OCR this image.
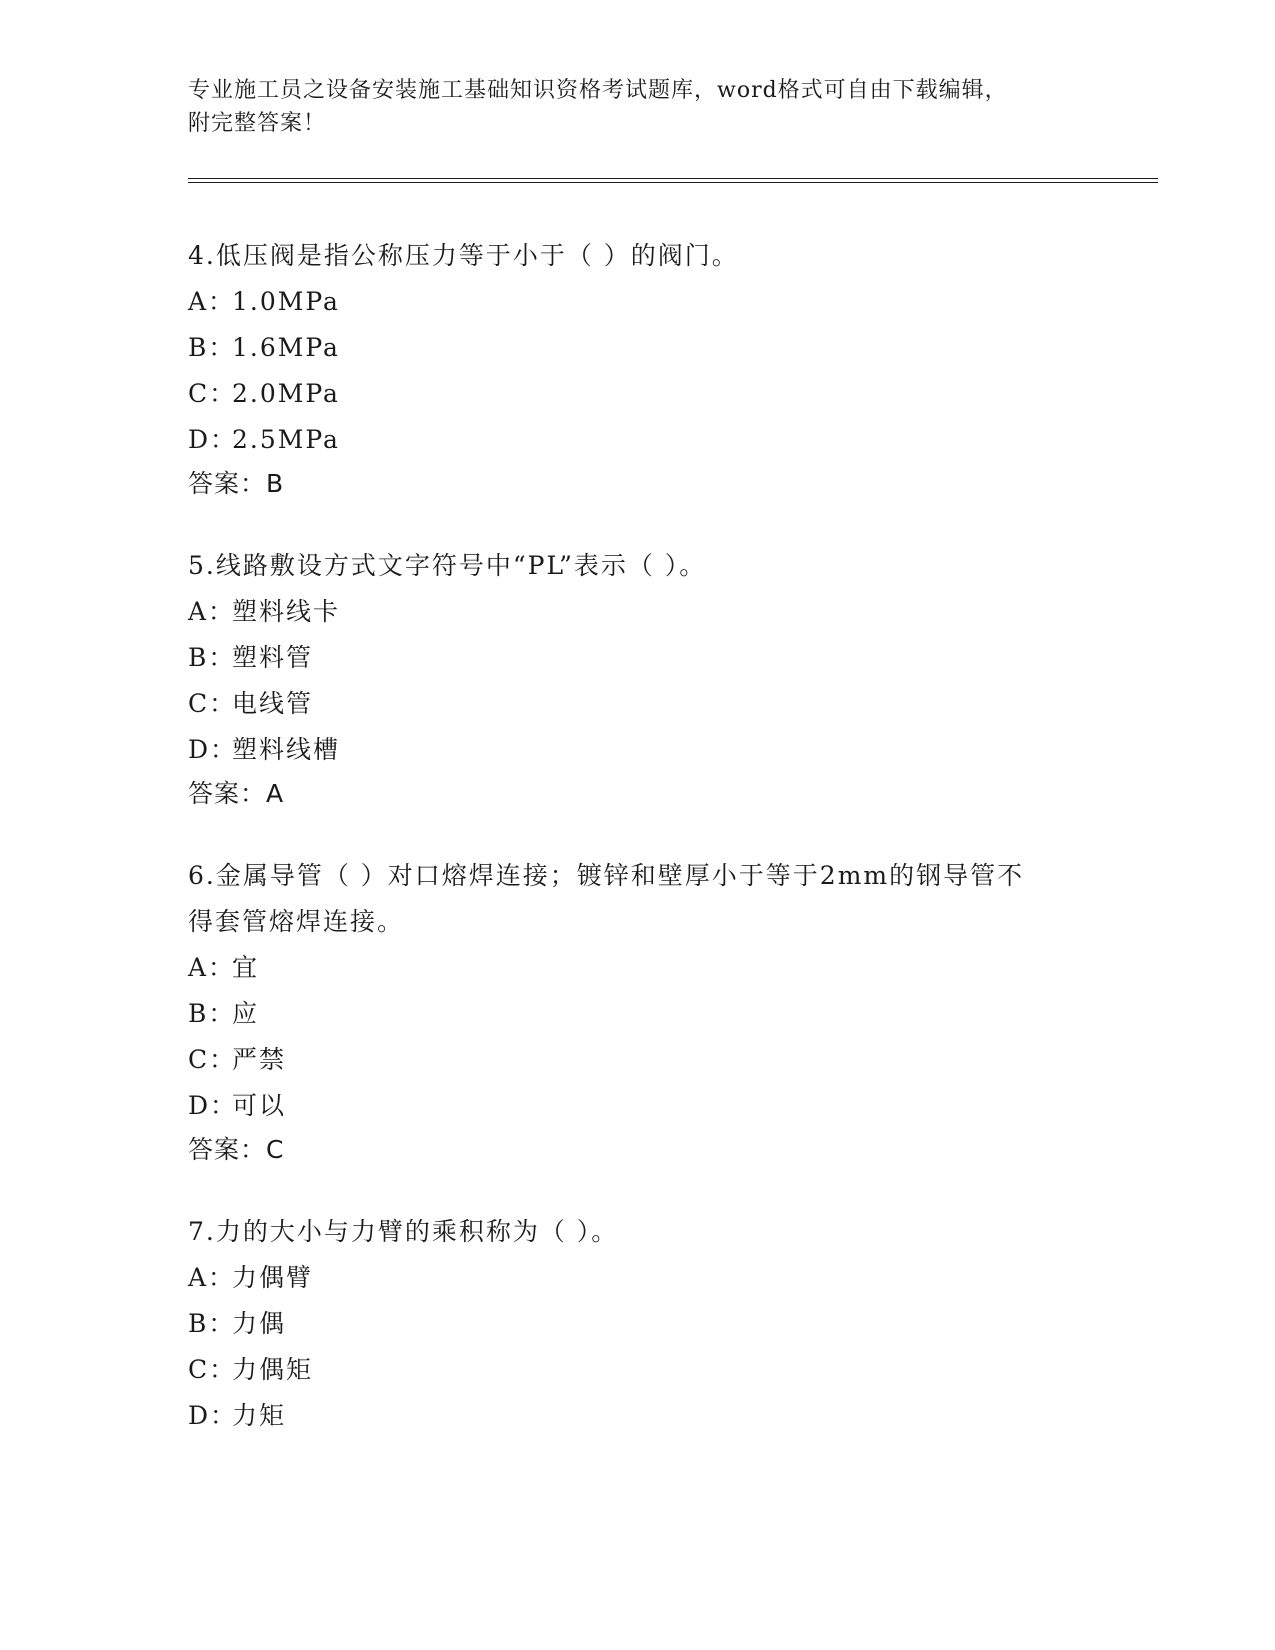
专业施工员之设备安装施工基础知识资格考试题库，word格式可自由下载编辑，
附完整答案！

4.低压阀是指公称压力等于小于（ ）的阀门。

A：1.0MPa
B：1.6MPa
C：2.0MPa
D：2.5MPa

答案：B

5.线路敷设方式文字符号中“PL”表示（ ）。

A：塑料线卡
B：塑料管
C：电线管
D：塑料线槽

答案：A

6.金属导管（ ）对口熔焊连接；镀锌和壁厚小于等于2mm的钢导管不

得套管熔焊连接。

A：宜
B：应
C：严禁
D：可以

答案：C

7.力的大小与力臂的乘积称为（ ）。

A：力偶臂
B：力偶
C：力偶矩
D：力矩
